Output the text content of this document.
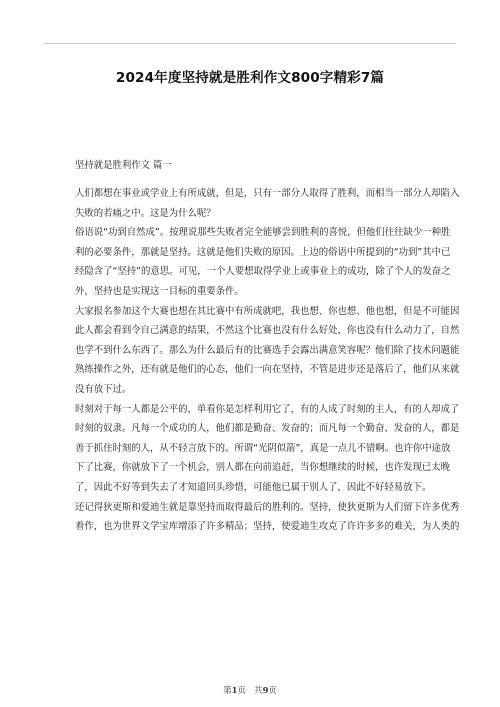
2024年度坚持就是胜利作文800字精彩7篇
坚持就是胜利作文 篇一

人们都想在事业或学业上有所成就，但是，只有一部分人取得了胜利，而相当一部分人却陷入
失败的若痛之中。这是为什么呢？

俗语说“功到自然成”。按理说那些失败者完全能够尝到胜利的喜悦，但他们往往缺少一种胜
利的必要条件，那就是坚持。这就是他们失败的原因。上边的俗语中所提到的“功到”其中已
经隐含了“坚持”的意思。可见，一个人要想取得学业上或事业上的成功，除了个人的发奋之
外，坚持也是实现这一目标的重要条件。

大家报名参加这个大赛也想在其比赛中有所成就吧，我也想、你也想、他也想，但是不可能因
此人都会看到令自己满意的结果，不然这个比赛也没有什么好处，你也没有什么动力了，自然
也学不到什么东西了。那么为什么最后有的比赛选手会露出满意笑容呢？他们除了技术问题能
熟练操作之外，还有就是他们的心态，他们一向在坚持，不管是进步还是落后了，他们从来就
没有放下过。

时刻对于每一人都是公平的，单看你是怎样利用它了，有的人成了时刻的主人，有的人却成了
时刻的奴隶。凡每一个成功的人，他们都是勤奋、发奋的；而凡每一个勤奋、发奋的人，都是
善于抓住时刻的人，从不轻言放下的。所谓“光阴似箭”，真是一点儿不错啊。也许你中途放
下了比赛，你就放下了一个机会，别人都在向前追赶，当你想继续的时候，也许发现已太晚
了，因此不好等到失去了才知道回头珍惜，可能他已属于别人了，因此不好轻易放下。

还记得狄更斯和爱迪生就是靠坚持而取得最后的胜利的。坚持，使狄更斯为人们留下许多优秀
着作，也为世界文学宝库增添了许多精品；坚持，使爱迪生攻克了许许多多的难关，为人类的

第1页　共9页
